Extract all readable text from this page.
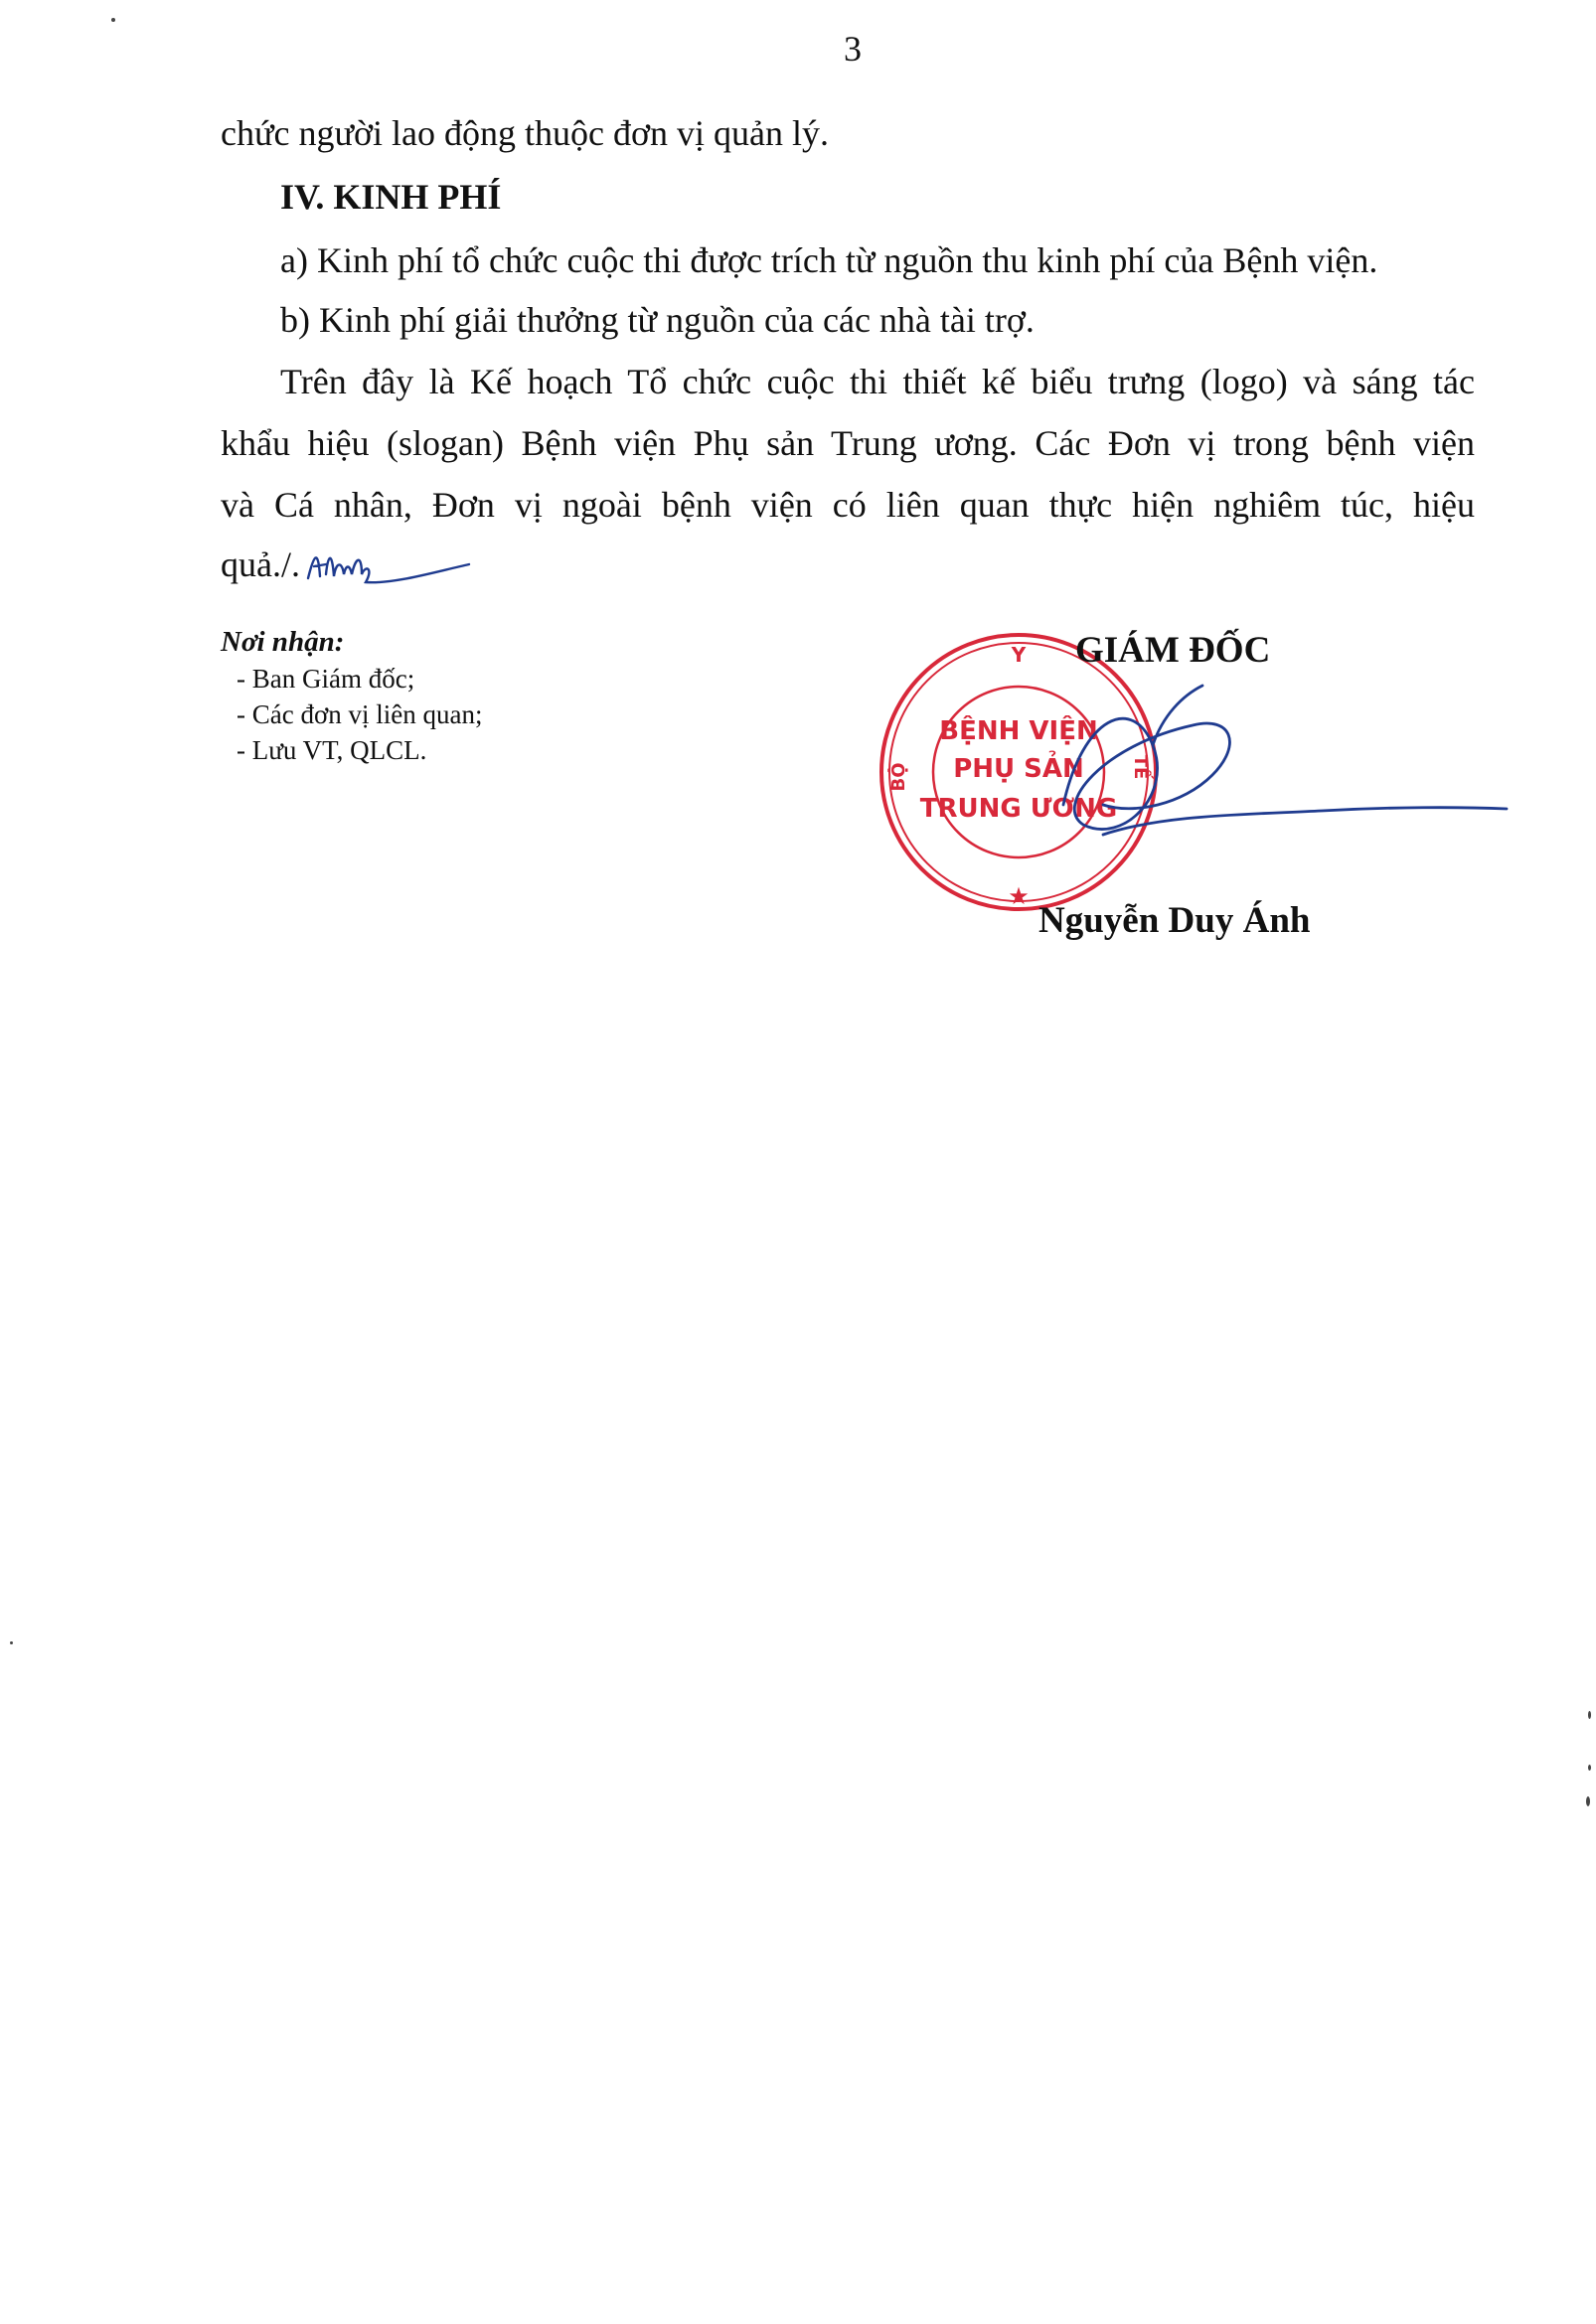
3
chức người lao động thuộc đơn vị quản lý.
IV. KINH PHÍ
a) Kinh phí tổ chức cuộc thi được trích từ nguồn thu kinh phí của Bệnh viện.
b) Kinh phí giải thưởng từ nguồn của các nhà tài trợ.
Trên đây là Kế hoạch Tổ chức cuộc thi thiết kế biểu trưng (logo) và sáng tác
khẩu hiệu (slogan) Bệnh viện Phụ sản Trung ương. Các Đơn vị trong bệnh viện
và Cá nhân, Đơn vị ngoài bệnh viện có liên quan thực hiện nghiêm túc, hiệu
quả./.
Nơi nhận:
- Ban Giám đốc;
- Các đơn vị liên quan;
- Lưu VT, QLCL.
Y
BỘ	TẾ
BỆNH VIỆN
PHỤ SẢN
TRUNG ƯƠNG
★
GIÁM ĐỐC
Nguyễn Duy Ánh
